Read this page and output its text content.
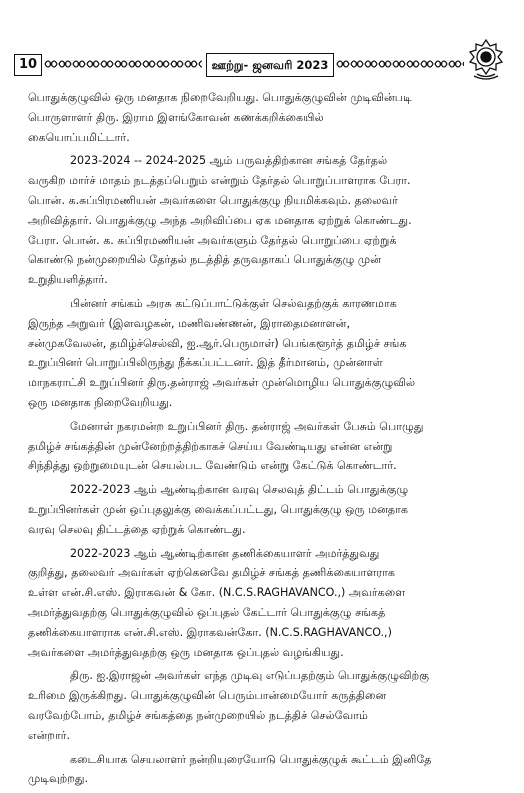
10	ஊற்று- ஜனவரி 2023
பொதுக்குழுவில் ஒரு மனதாக நிறைவேறியது. பொதுக்குழுவின் முடிவின்படி
பொருளாளர் திரு. இராம இளங்கோவன் கணக்கறிக்கையில்
கையொப்பமிட்டார்.
2023-2024 -- 2024-2025 ஆம் பருவத்திற்கான சங்கத் தேர்தல்
வருகிற மார்ச் மாதம் நடத்தப்பெறும் என்றும் தேர்தல் பொறுப்பாளராக பேரா.
பொன். க.சுப்பிரமணியன் அவர்களை பொதுக்குழு நியமிக்கவும். தலைவர்
அறிவித்தார். பொதுக்குழு அந்த அறிவிப்பை ஏக மனதாக ஏற்றுக் கொண்டது.
பேரா. பொன். க. சுப்பிரமணியன் அவர்களும் தேர்தல் பொறுப்பை ஏற்றுக்
கொண்டு நன்முறையில் தேர்தல் நடத்தித் தருவதாகப் பொதுக்குழு முன்
உறுதியளித்தார்.
பின்னர் சங்கம் அரசு கட்டுப்பாட்டுக்குள் செல்வதற்குக் காரணமாக
இருந்த அறுவர் (இளவழகன், மணிவண்ணன், இராதைமனாளன்,
சன்முகவேலன், தமிழ்ச்செல்வி, ஐ.ஆர்.பெருமாள்) பெங்களூர்த் தமிழ்ச் சங்க
உறுப்பினர் பொறுப்பிலிருந்து நீக்கப்பட்டனர். இத் தீர்மானம், முன்னாள்
மாநகராட்சி உறுப்பினர் திரு.தன்ராஜ் அவர்கள் முன்மொழிய பொதுக்குழுவில்
ஒரு மனதாக நிறைவேறியது.
மேனாள் நகரமன்ற உறுப்பினர் திரு. தன்ராஜ் அவர்கள் பேசும் பொழுது
தமிழ்ச் சங்கத்தின் முன்னேற்றத்திற்காகச் செய்ய வேண்டியது என்ன என்று
சிந்தித்து ஒற்றுமையுடன் செயல்பட வேண்டும் என்று கேட்டுக் கொண்டார்.
2022-2023 ஆம் ஆண்டிற்கான வரவு செலவுத் திட்டம் பொதுக்குழு
உறுப்பினர்கள் முன் ஒப்புதலுக்கு வைக்கப்பட்டது, பொதுக்குழு ஒரு மனதாக
வரவு செலவு திட்டத்தை ஏற்றுக் கொண்டது.
2022-2023 ஆம் ஆண்டிற்கான தணிக்கையாளர் அமர்த்துவது
குறித்து, தலைவர் அவர்கள் ஏற்கெனவே தமிழ்ச் சங்கத் தணிக்கையாளராக
உள்ள என்.சி.எஸ். இராகவன் & கோ. (N.C.S.RAGHAVANCO.,) அவர்களை
அமர்த்துவதற்கு பொதுக்குழுவில் ஒப்புதல் கேட்டார் பொதுக்குழு சங்கத்
தணிக்கையாளராக என்.சி.எஸ். இராகவன்கோ. (N.C.S.RAGHAVANCO.,)
அவர்களை அமர்த்துவதற்கு ஒரு மனதாக ஒப்புதல் வழங்கியது.
திரு. ஐ.இராஜன் அவர்கள் எந்த முடிவு எடுப்பதற்கும் பொதுக்குழுவிற்கு
உரிமை இருக்கிறது. பொதுக்குழுவின் பெரும்பான்மையோர் கருத்தினை
வரவேற்போம், தமிழ்ச் சங்கத்தை நன்முறையில் நடத்திச் செல்வோம்
என்றார்.
கடைசியாக செயலாளர் நன்றியுரையோடு பொதுக்குழுக் கூட்டம் இனிதே
முடிவுற்றது.
